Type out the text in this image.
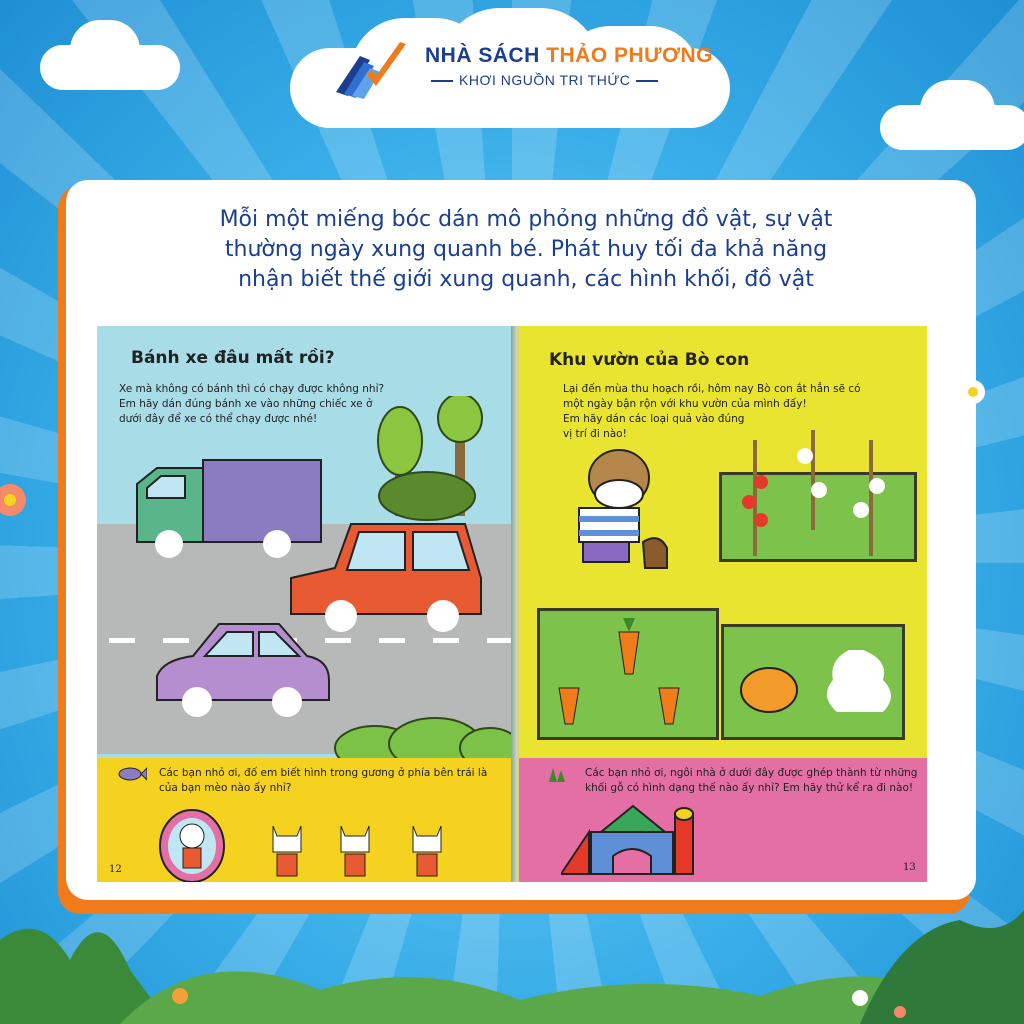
NHÀ SÁCH THẢO PHƯƠNG
KHƠI NGUỒN TRI THỨC
Mỗi một miếng bóc dán mô phỏng những đồ vật, sự vật
thường ngày xung quanh bé. Phát huy tối đa khả năng
nhận biết thế giới xung quanh, các hình khối, đồ vật
Bánh xe đâu mất rồi?
Xe mà không có bánh thì có chạy được không nhỉ?
Em hãy dán đúng bánh xe vào những chiếc xe ở
dưới đây để xe có thể chạy được nhé!
Các bạn nhỏ ơi, đố em biết hình trong gương ở phía bên trái là
của bạn mèo nào ấy nhỉ?
12
Khu vườn của Bò con
Lại đến mùa thu hoạch rồi, hôm nay Bò con ắt hẳn sẽ có
một ngày bận rộn với khu vườn của mình đấy!
Em hãy dán các loại quả vào đúng
vị trí đi nào!
Các bạn nhỏ ơi, ngôi nhà ở dưới đây được ghép thành từ những
khối gỗ có hình dạng thế nào ấy nhỉ? Em hãy thử kể ra đi nào!
13
